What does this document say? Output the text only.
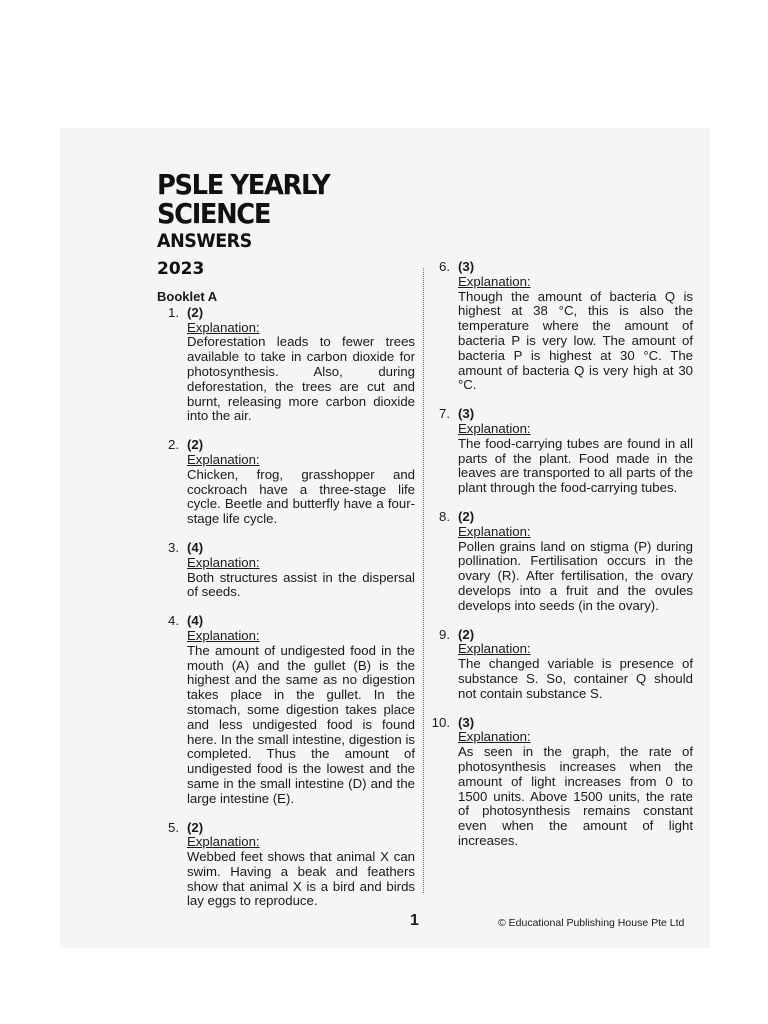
PSLE YEARLY
SCIENCE
ANSWERS
2023
Booklet A
1. (2)
Explanation:
Deforestation leads to fewer trees available to take in carbon dioxide for photosynthesis. Also, during deforestation, the trees are cut and burnt, releasing more carbon dioxide into the air.
2. (2)
Explanation:
Chicken, frog, grasshopper and cockroach have a three-stage life cycle. Beetle and butterfly have a four-stage life cycle.
3. (4)
Explanation:
Both structures assist in the dispersal of seeds.
4. (4)
Explanation:
The amount of undigested food in the mouth (A) and the gullet (B) is the highest and the same as no digestion takes place in the gullet. In the stomach, some digestion takes place and less undigested food is found here. In the small intestine, digestion is completed. Thus the amount of undigested food is the lowest and the same in the small intestine (D) and the large intestine (E).
5. (2)
Explanation:
Webbed feet shows that animal X can swim. Having a beak and feathers show that animal X is a bird and birds lay eggs to reproduce.
6. (3)
Explanation:
Though the amount of bacteria Q is highest at 38 °C, this is also the temperature where the amount of bacteria P is very low. The amount of bacteria P is highest at 30 °C. The amount of bacteria Q is very high at 30 °C.
7. (3)
Explanation:
The food-carrying tubes are found in all parts of the plant. Food made in the leaves are transported to all parts of the plant through the food-carrying tubes.
8. (2)
Explanation:
Pollen grains land on stigma (P) during pollination. Fertilisation occurs in the ovary (R). After fertilisation, the ovary develops into a fruit and the ovules develops into seeds (in the ovary).
9. (2)
Explanation:
The changed variable is presence of substance S. So, container Q should not contain substance S.
10. (3)
Explanation:
As seen in the graph, the rate of photosynthesis increases when the amount of light increases from 0 to 1500 units. Above 1500 units, the rate of photosynthesis remains constant even when the amount of light increases.
1	© Educational Publishing House Pte Ltd
